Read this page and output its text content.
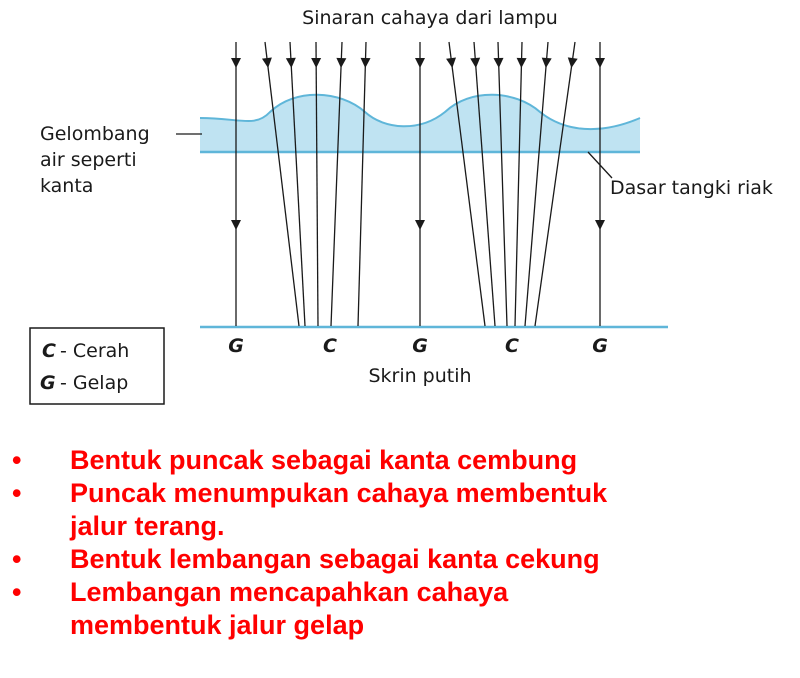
Sinaran cahaya dari lampu
Gelombang
air seperti
kanta	Dasar tangki riak
G	C	G	C	G
Skrin putih
C - Cerah
G - Gelap
• Bentuk puncak sebagai kanta cembung
• Puncak menumpukan cahaya membentuk
jalur terang.
• Bentuk lembangan sebagai kanta cekung
• Lembangan mencapahkan cahaya
membentuk jalur gelap
